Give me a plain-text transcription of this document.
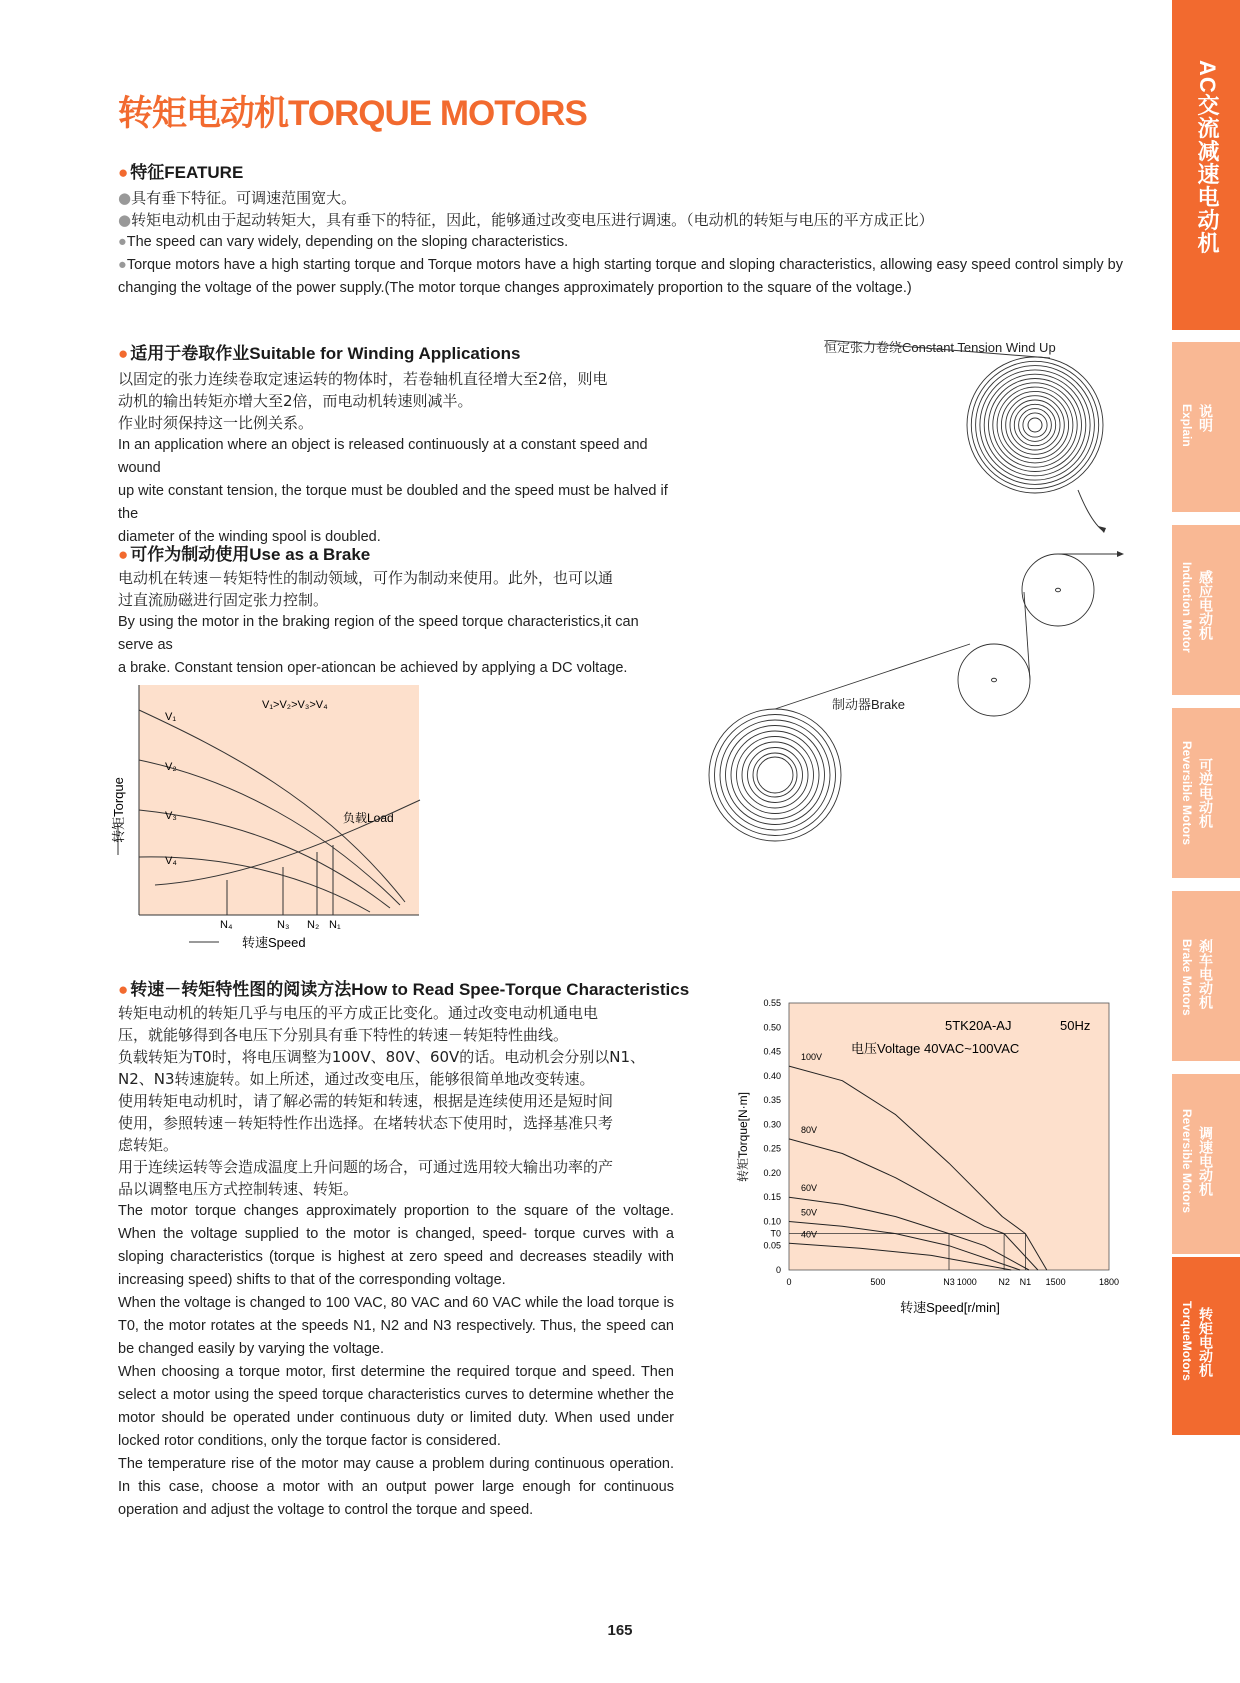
转矩电动机TORQUE MOTORS
● 特征FEATURE
●具有垂下特征。可调速范围宽大。
●转矩电动机由于起动转矩大，具有垂下的特征，因此，能够通过改变电压进行调速。（电动机的转矩与电压的平方成正比）
●The speed can vary widely, depending on the sloping characteristics.
●Torque motors have a high starting torque and Torque motors have a high starting torque and sloping characteristics, allowing easy speed control simply by changing the voltage of the power supply.(The motor torque changes approximately proportion to the square of the voltage.)
● 适用于卷取作业Suitable for Winding Applications
以固定的张力连续卷取定速运转的物体时，若卷轴机直径增大至2倍，则电
动机的输出转矩亦增大至2倍，而电动机转速则减半。
作业时须保持这一比例关系。
In an application where an object is released continuously at a constant speed and wound
up wite constant tension, the torque must be doubled and the speed must be halved if the
diameter of the winding spool is doubled.
恒定张力卷绕Constant Tension Wind Up
● 可作为制动使用Use as a Brake
电动机在转速－转矩特性的制动领域，可作为制动来使用。此外，也可以通
过直流励磁进行固定张力控制。
By using the motor in the braking region of the speed torque characteristics,it can serve as
a brake. Constant tension oper-ationcan be achieved by applying a DC voltage.
制动器Brake
V₁>V₂>V₃>V₄
V₁
V₂
V₃
V₄
负载Load
N₄	N₃ N₂ N₁
转速Speed
转矩Torque
● 转速－转矩特性图的阅读方法How to Read Spee-Torque Characteristics
转矩电动机的转矩几乎与电压的平方成正比变化。通过改变电动机通电电
压，就能够得到各电压下分别具有垂下特性的转速－转矩特性曲线。
负载转矩为T0时，将电压调整为100V、80V、60V的话。电动机会分别以N1、
N2、N3转速旋转。如上所述，通过改变电压，能够很简单地改变转速。
使用转矩电动机时，请了解必需的转矩和转速，根据是连续使用还是短时间
使用，参照转速－转矩特性作出选择。在堵转状态下使用时，选择基准只考
虑转矩。
用于连续运转等会造成温度上升问题的场合，可通过选用较大输出功率的产
品以调整电压方式控制转速、转矩。

The motor torque changes approximately proportion to the square of the voltage. When the voltage supplied to the motor is changed, speed- torque curves with a sloping characteristics (torque is highest at zero speed and decreases steadily with increasing speed) shifts to that of the corresponding voltage.

When the voltage is changed to 100 VAC, 80 VAC and 60 VAC while the load torque is T0, the motor rotates at the speeds N1, N2 and N3 respectively. Thus, the speed can be changed easily by varying the voltage.

When choosing a torque motor, first determine the required torque and speed. Then select a motor using the speed torque characteristics curves to determine whether the motor should be operated under continuous duty or limited duty. When used under locked rotor conditions, only the torque factor is considered.

The temperature rise of the motor may cause a problem during continuous operation. In this case, choose a motor with an output power large enough for continuous operation and adjust the voltage to control the torque and speed.

0
0.05
0.10
0.15
0.20
0.25
0.30
0.35
0.40
0.45
0.50
0.55
T0
0	500	1000	1500	1800
N3	N2 N1
100V
80V
60V
50V
40V
5TK20A-AJ	50Hz
电压Voltage 40VAC~100VAC
转速Speed[r/min]
转矩Torque[N·m]
AC交流减速电动机
说明
Explain
感应电动机
Induction Motor
可逆电动机
Reversible Motors
刹车电动机
Brake Motors
调速电动机
Reversible Motors
转矩电动机
TorqueMotors
165
